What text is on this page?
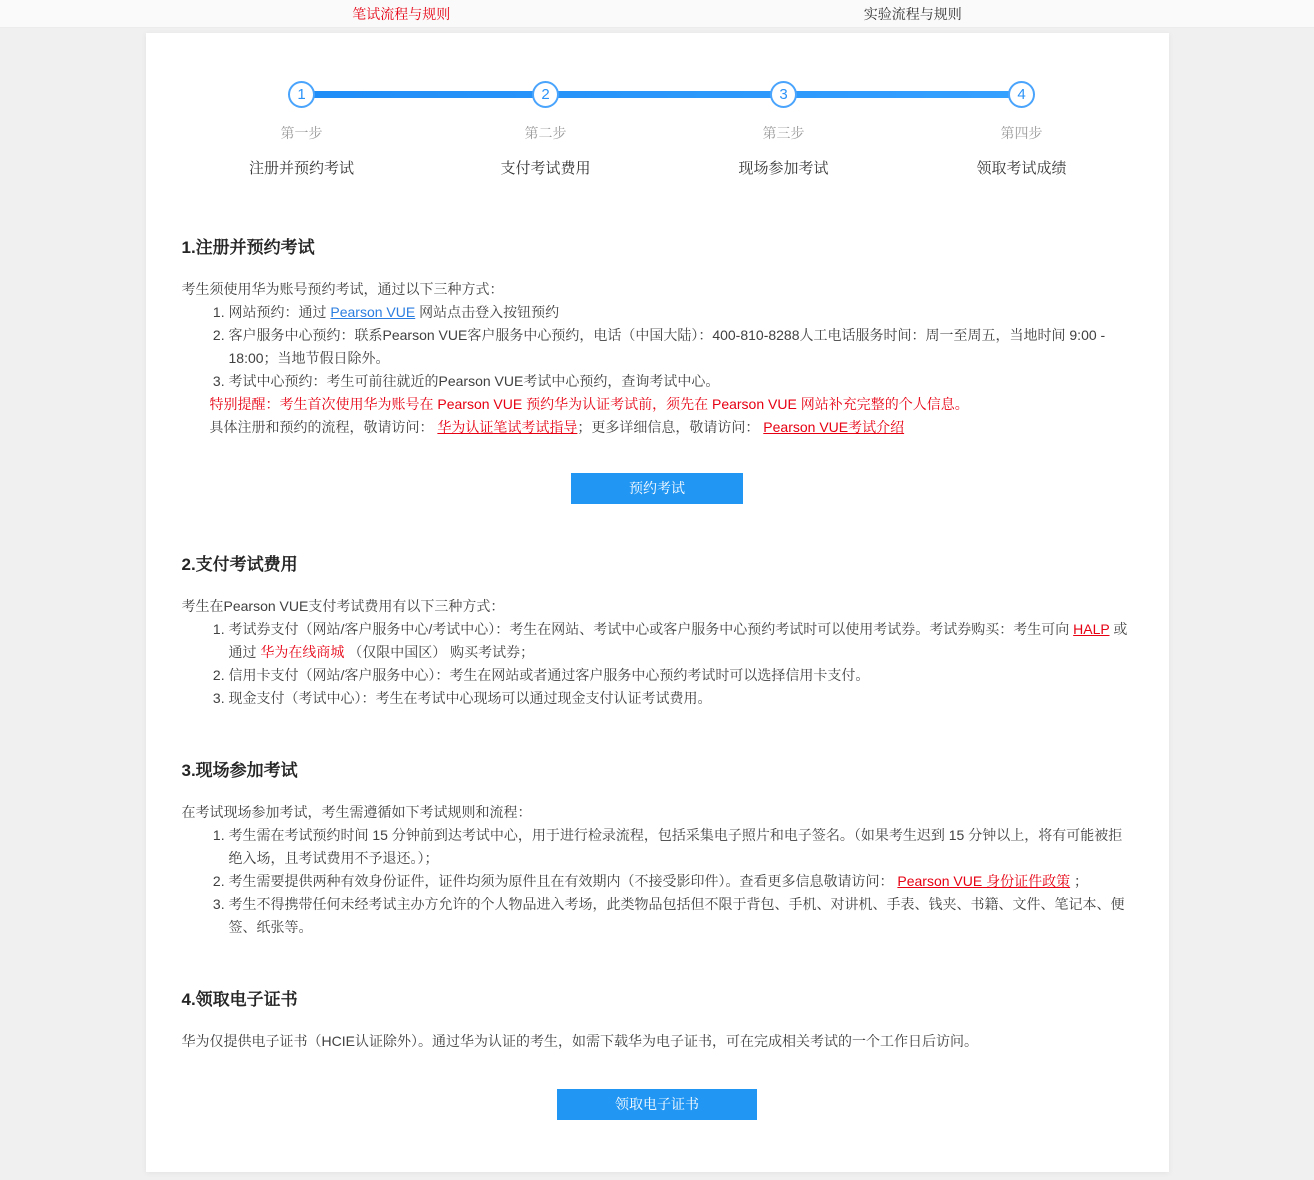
笔试流程与规则	实验流程与规则
1
第一步
注册并预约考试
2
第二步
支付考试费用
3
第三步
现场参加考试
4
第四步
领取考试成绩
1.注册并预约考试
考生须使用华为账号预约考试，通过以下三种方式：
1. 网站预约：通过 Pearson VUE 网站点击登入按钮预约
2. 客户服务中心预约：联系Pearson VUE客户服务中心预约，电话（中国大陆）：400-810-8288人工电话服务时间：周一至周五，当地时间 9:00 - 18:00；当地节假日除外。
3. 考试中心预约：考生可前往就近的Pearson VUE考试中心预约，查询考试中心。
特别提醒：考生首次使用华为账号在 Pearson VUE 预约华为认证考试前，须先在 Pearson VUE 网站补充完整的个人信息。
具体注册和预约的流程，敬请访问： 华为认证笔试考试指导；更多详细信息，敬请访问： Pearson VUE考试介绍
预约考试
2.支付考试费用
考生在Pearson VUE支付考试费用有以下三种方式：
1. 考试券支付（网站/客户服务中心/考试中心）：考生在网站、考试中心或客户服务中心预约考试时可以使用考试券。考试券购买：考生可向 HALP 或通过 华为在线商城 （仅限中国区） 购买考试券；
2. 信用卡支付（网站/客户服务中心）：考生在网站或者通过客户服务中心预约考试时可以选择信用卡支付。
3. 现金支付（考试中心）：考生在考试中心现场可以通过现金支付认证考试费用。
3.现场参加考试
在考试现场参加考试，考生需遵循如下考试规则和流程：
1. 考生需在考试预约时间 15 分钟前到达考试中心，用于进行检录流程，包括采集电子照片和电子签名。（如果考生迟到 15 分钟以上，将有可能被拒绝入场，且考试费用不予退还。）；
2. 考生需要提供两种有效身份证件，证件均须为原件且在有效期内（不接受影印件）。查看更多信息敬请访问： Pearson VUE 身份证件政策 ；
3. 考生不得携带任何未经考试主办方允许的个人物品进入考场，此类物品包括但不限于背包、手机、对讲机、手表、钱夹、书籍、文件、笔记本、便签、纸张等。
4.领取电子证书
华为仅提供电子证书（HCIE认证除外）。通过华为认证的考生，如需下载华为电子证书，可在完成相关考试的一个工作日后访问。
领取电子证书
